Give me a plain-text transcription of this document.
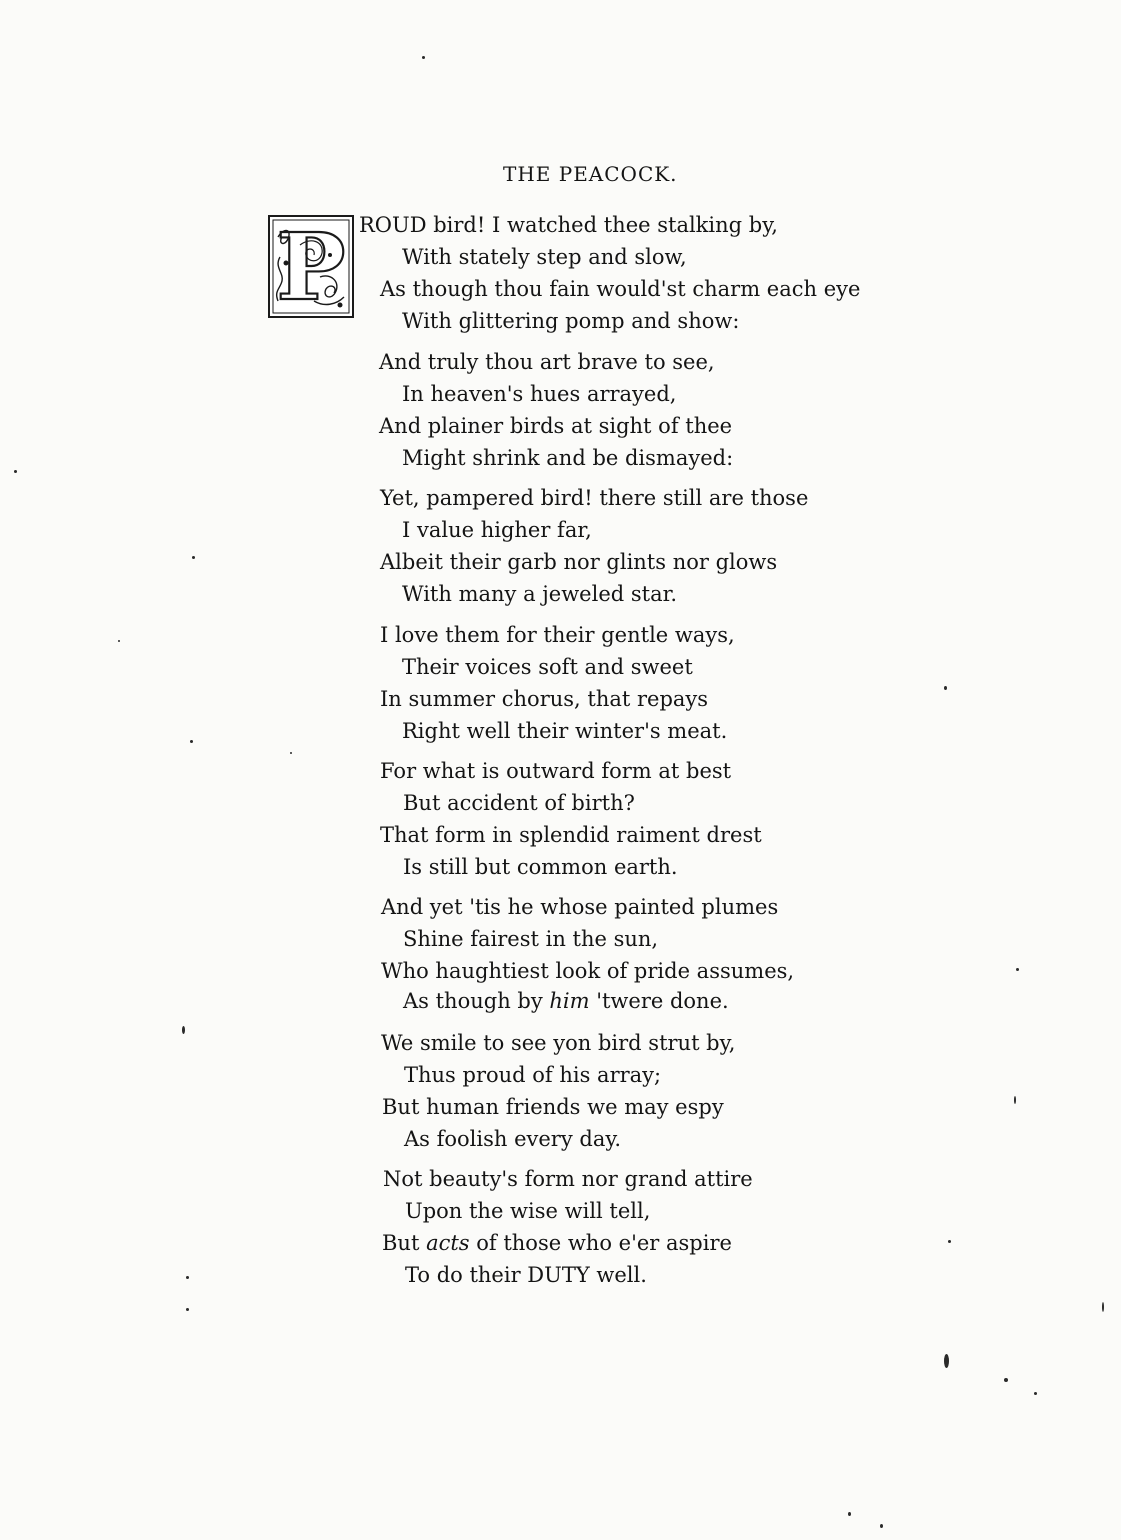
THE PEACOCK.
P ROUD bird! I watched thee stalking by,
With stately step and slow,
As though thou fain would'st charm each eye
With glittering pomp and show:
And truly thou art brave to see,
In heaven's hues arrayed,
And plainer birds at sight of thee
Might shrink and be dismayed:
Yet, pampered bird! there still are those
I value higher far,
Albeit their garb nor glints nor glows
With many a jeweled star.
I love them for their gentle ways,
Their voices soft and sweet
In summer chorus, that repays
Right well their winter's meat.
For what is outward form at best
But accident of birth?
That form in splendid raiment drest
Is still but common earth.
And yet 'tis he whose painted plumes
Shine fairest in the sun,
Who haughtiest look of pride assumes,
As though by him 'twere done.
We smile to see yon bird strut by,
Thus proud of his array;
But human friends we may espy
As foolish every day.
Not beauty's form nor grand attire
Upon the wise will tell,
But acts of those who e'er aspire
To do their DUTY well.
